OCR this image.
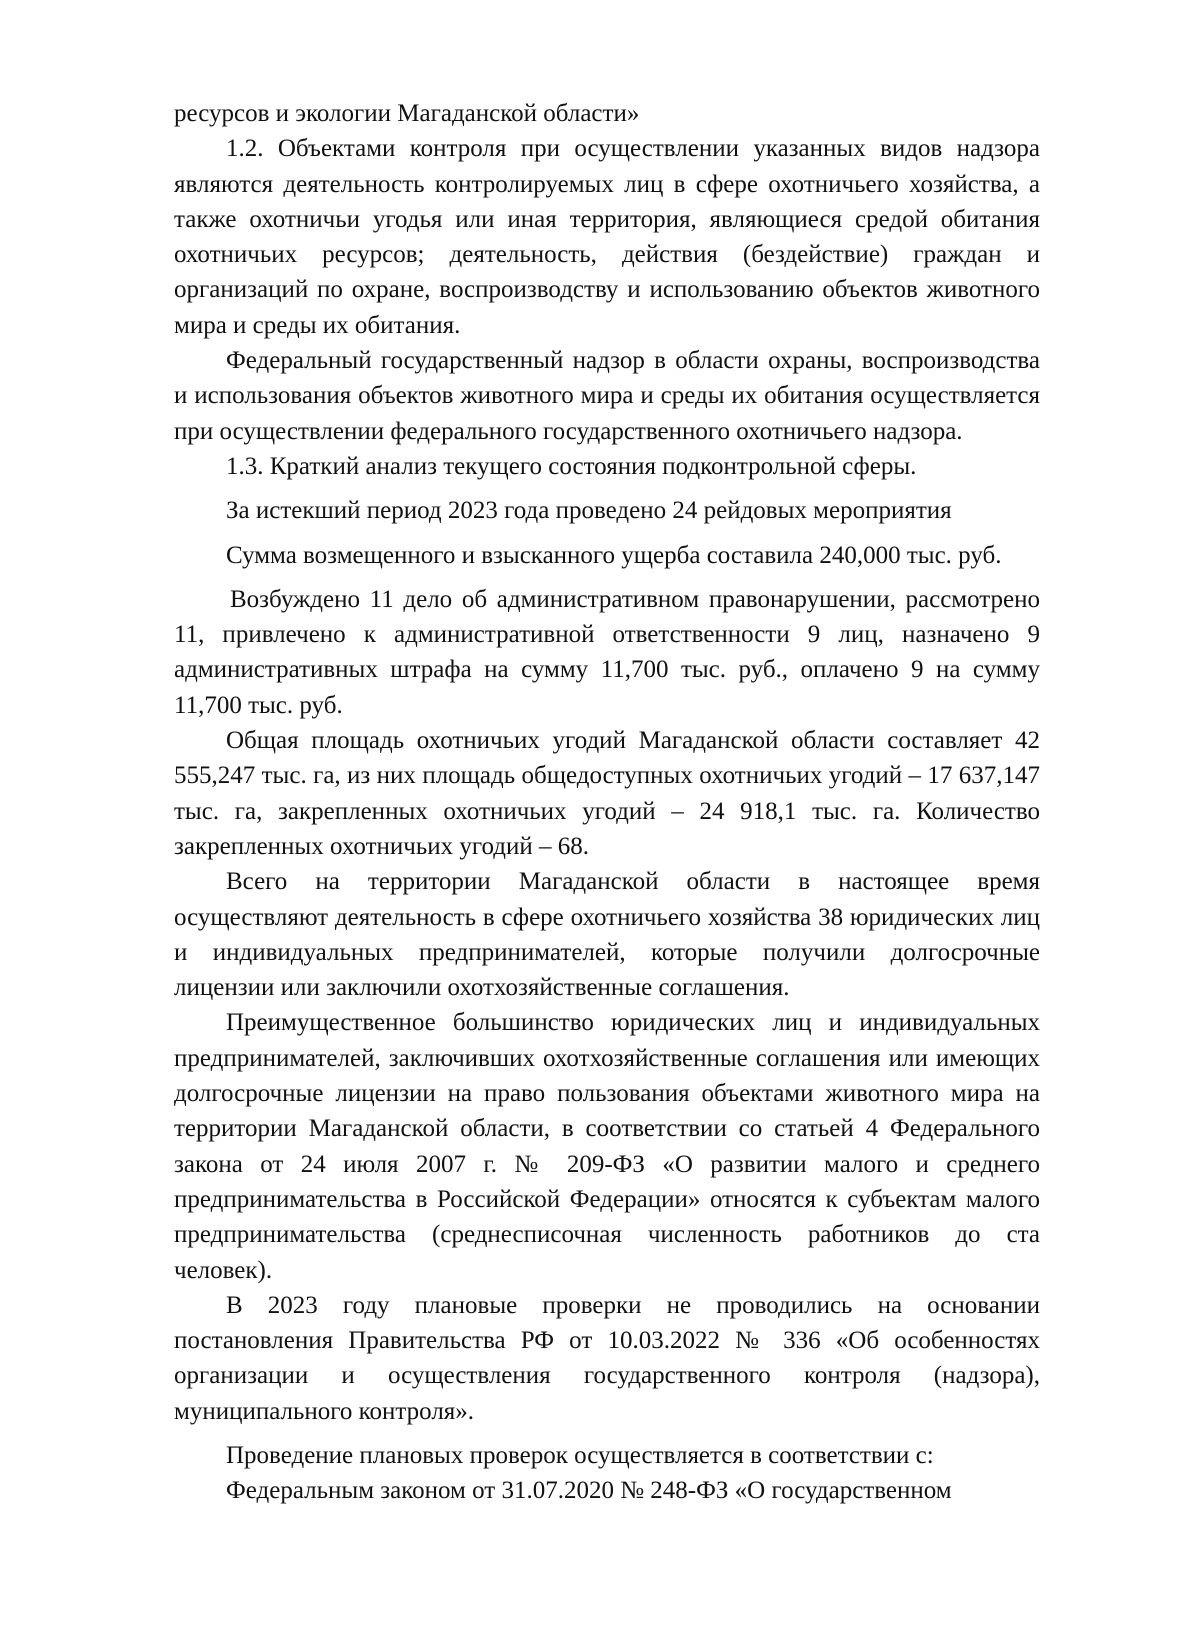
ресурсов и экологии Магаданской области»

1.2. Объектами контроля при осуществлении указанных видов надзора являются деятельность контролируемых лиц в сфере охотничьего хозяйства, а также охотничьи угодья или иная территория, являющиеся средой обитания охотничьих ресурсов; деятельность, действия (бездействие) граждан и организаций по охране, воспроизводству и использованию объектов животного мира и среды их обитания.

Федеральный государственный надзор в области охраны, воспроизводства и использования объектов животного мира и среды их обитания осуществляется при осуществлении федерального государственного охотничьего надзора.

1.3. Краткий анализ текущего состояния подконтрольной сферы.

За истекший период 2023 года проведено 24 рейдовых мероприятия

Сумма возмещенного и взысканного ущерба составила 240,000 тыс. руб.

Возбуждено 11 дело об административном правонарушении, рассмотрено 11, привлечено к административной ответственности 9 лиц, назначено 9 административных штрафа на сумму 11,700 тыс. руб., оплачено 9 на сумму 11,700 тыс. руб.

Общая площадь охотничьих угодий Магаданской области составляет 42 555,247 тыс. га, из них площадь общедоступных охотничьих угодий – 17 637,147 тыс. га, закрепленных охотничьих угодий – 24 918,1 тыс. га. Количество закрепленных охотничьих угодий – 68.

Всего на территории Магаданской области в настоящее время осуществляют деятельность в сфере охотничьего хозяйства 38 юридических лиц и индивидуальных предпринимателей, которые получили долгосрочные лицензии или заключили охотхозяйственные соглашения.

Преимущественное большинство юридических лиц и индивидуальных предпринимателей, заключивших охотхозяйственные соглашения или имеющих долгосрочные лицензии на право пользования объектами животного мира на территории Магаданской области, в соответствии со статьей 4 Федерального закона от 24 июля 2007 г. № 209-ФЗ «О развитии малого и среднего предпринимательства в Российской Федерации» относятся к субъектам малого предпринимательства (среднесписочная численность работников до ста человек).

В 2023 году плановые проверки не проводились на основании постановления Правительства РФ от 10.03.2022 № 336 «Об особенностях организации и осуществления государственного контроля (надзора), муниципального контроля».

Проведение плановых проверок осуществляется в соответствии с:

Федеральным законом от 31.07.2020 № 248-ФЗ «О государственном
